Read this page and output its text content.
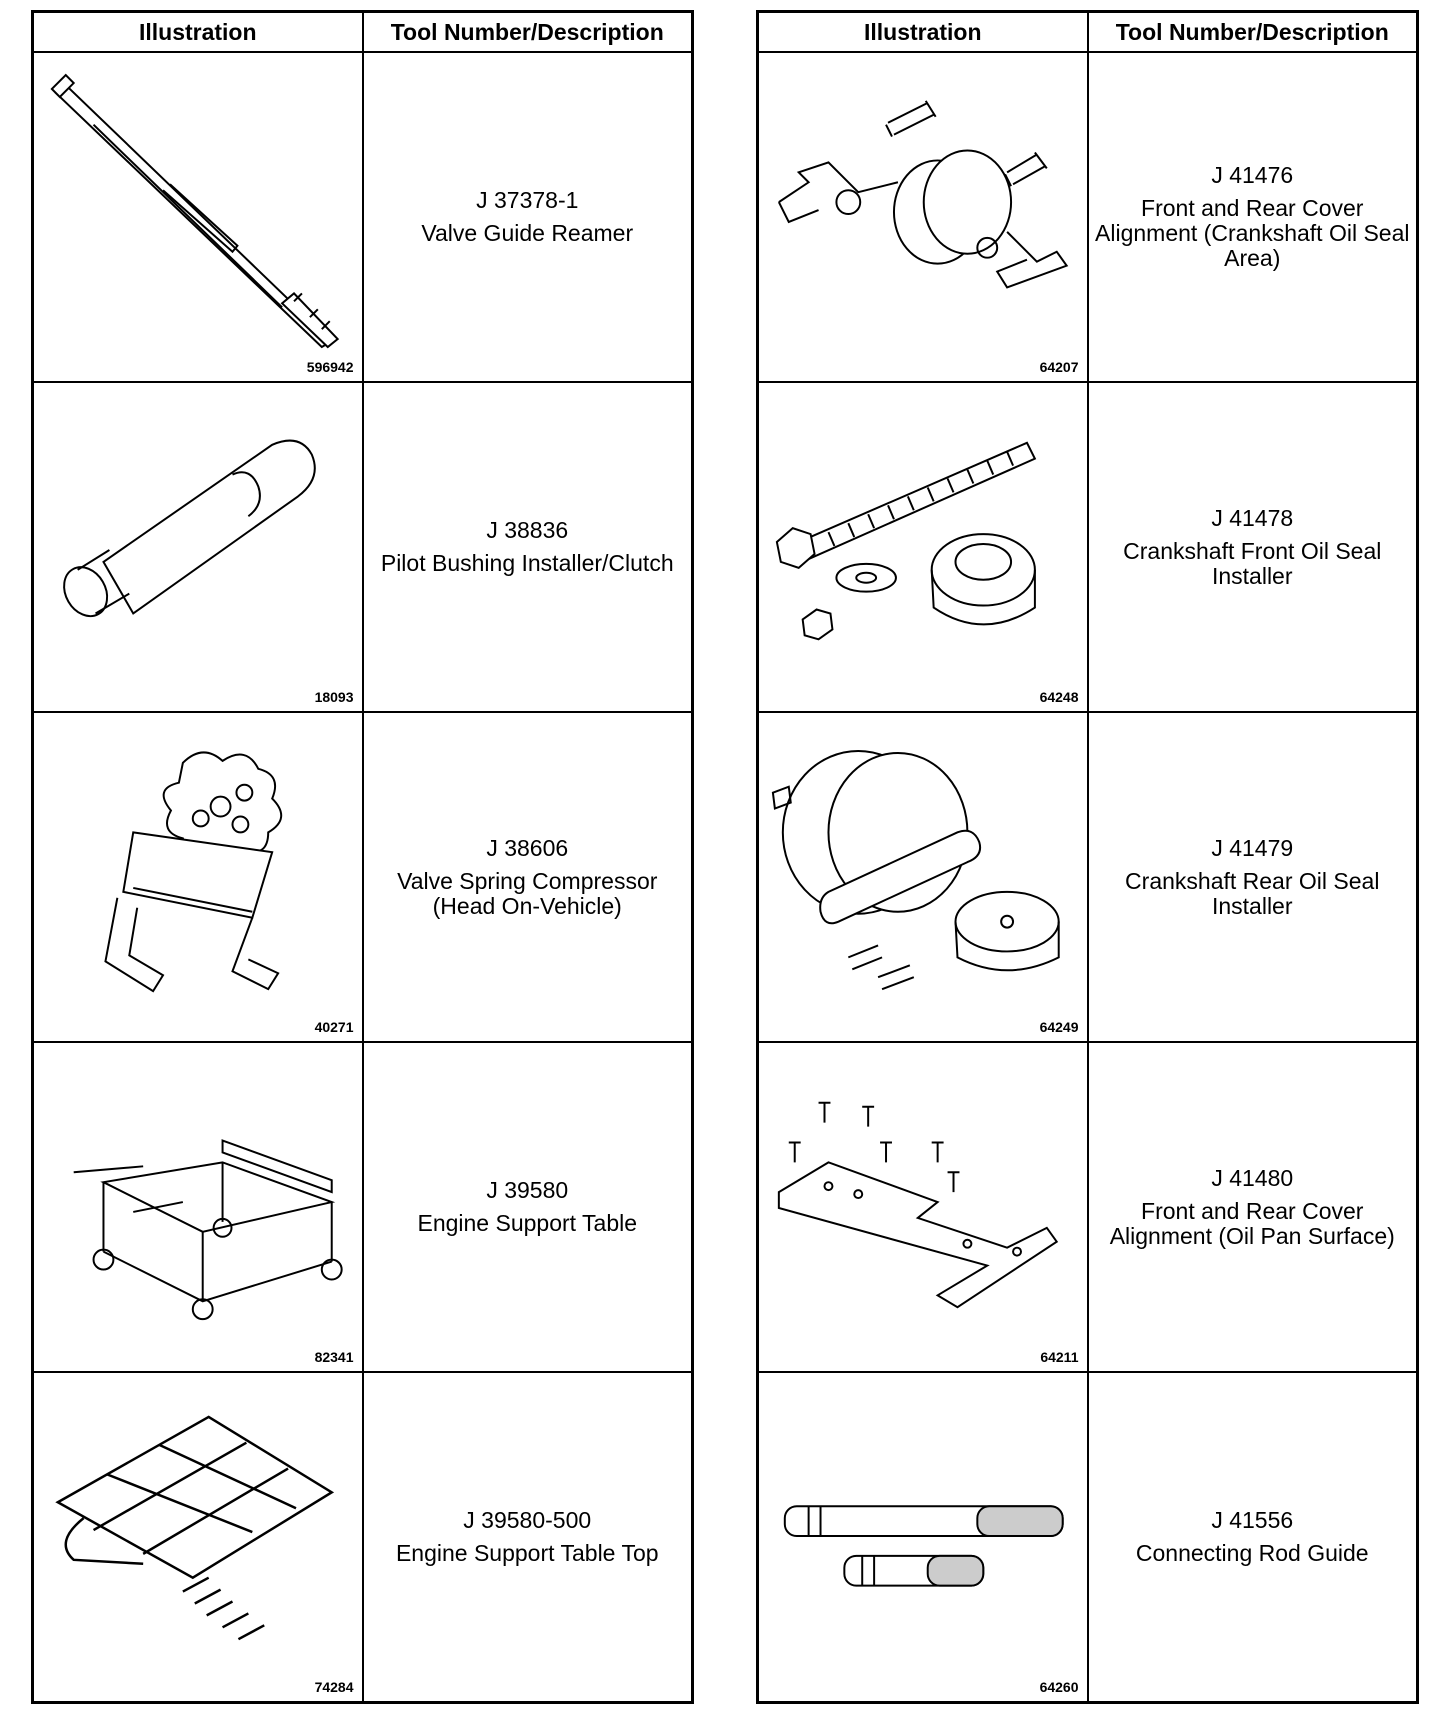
Illustration	Tool Number/Description

596942	J 37378-1
Valve Guide Reamer

18093	J 38836
Pilot Bushing Installer/Clutch

40271	J 38606
Valve Spring Compressor (Head On-Vehicle)

82341	J 39580
Engine Support Table

74284	J 39580-500
Engine Support Table Top
Illustration	Tool Number/Description

64207	J 41476
Front and Rear Cover Alignment (Crankshaft Oil Seal Area)

64248	J 41478
Crankshaft Front Oil Seal Installer

64249	J 41479
Crankshaft Rear Oil Seal Installer

64211	J 41480
Front and Rear Cover Alignment (Oil Pan Surface)

64260	J 41556
Connecting Rod Guide
